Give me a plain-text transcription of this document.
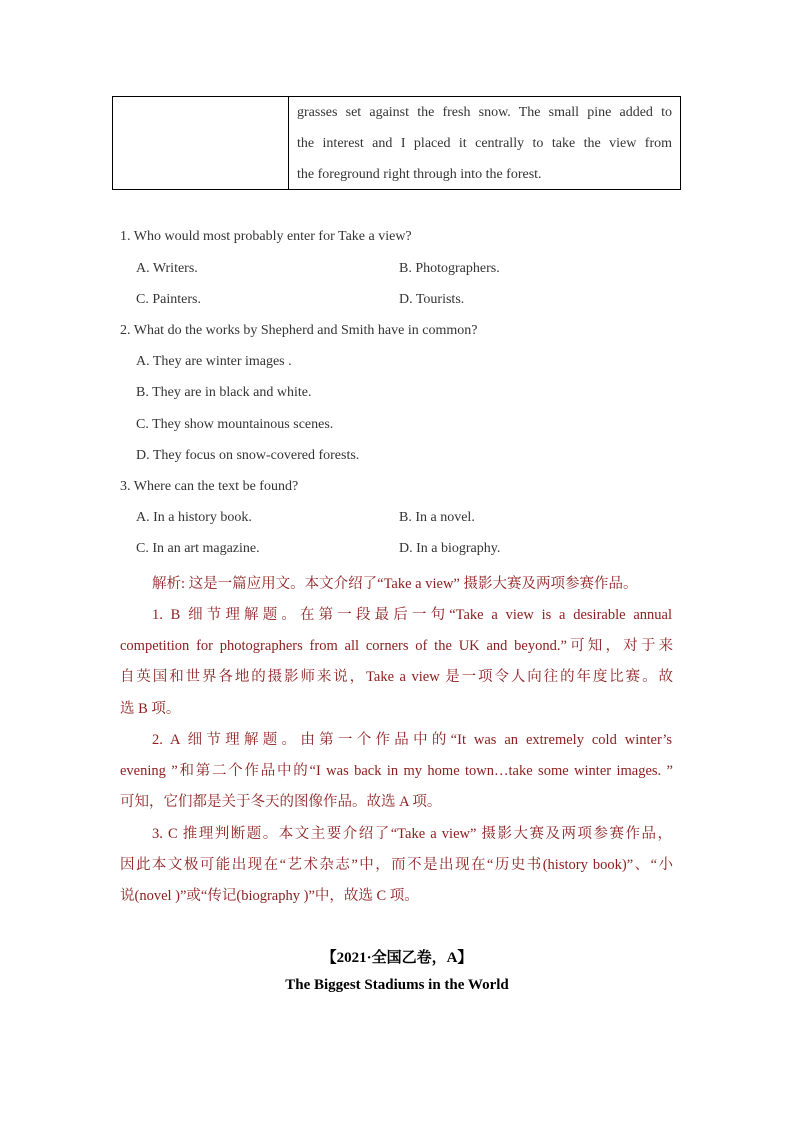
grasses set against the fresh snow. The small pine added to
the interest and I placed it centrally to take the view from
the foreground right through into the forest.
1. Who would most probably enter for Take a view?
A. Writers.	B. Photographers.
C. Painters.	D. Tourists.
2. What do the works by Shepherd and Smith have in common?
A. They are winter images .
B. They are in black and white.
C. They show mountainous scenes.
D. They focus on snow-covered forests.
3. Where can the text be found?
A. In a history book.	B. In a novel.
C. In an art magazine.	D. In a biography.
解析: 这是一篇应用文。本文介绍了“Take a view” 摄影大赛及两项参赛作品。
1. B 细节理解题。在第一段最后一句“Take a view is a desirable annual
competition for photographers from all corners of the UK and beyond.”可知，对于来
自英国和世界各地的摄影师来说，Take a view 是一项令人向往的年度比赛。故
选 B 项。
2. A 细节理解题。由第一个作品中的“It was an extremely cold winter’s
evening ”和第二个作品中的“I was back in my home town…take some winter images. ”
可知，它们都是关于冬天的图像作品。故选 A 项。
3. C 推理判断题。本文主要介绍了“Take a view” 摄影大赛及两项参赛作品，
因此本文极可能出现在“艺术杂志”中，而不是出现在“历史书(history book)”、“小
说(novel )”或“传记(biography )”中，故选 C 项。
【2021·全国乙卷，A】
The Biggest Stadiums in the World
